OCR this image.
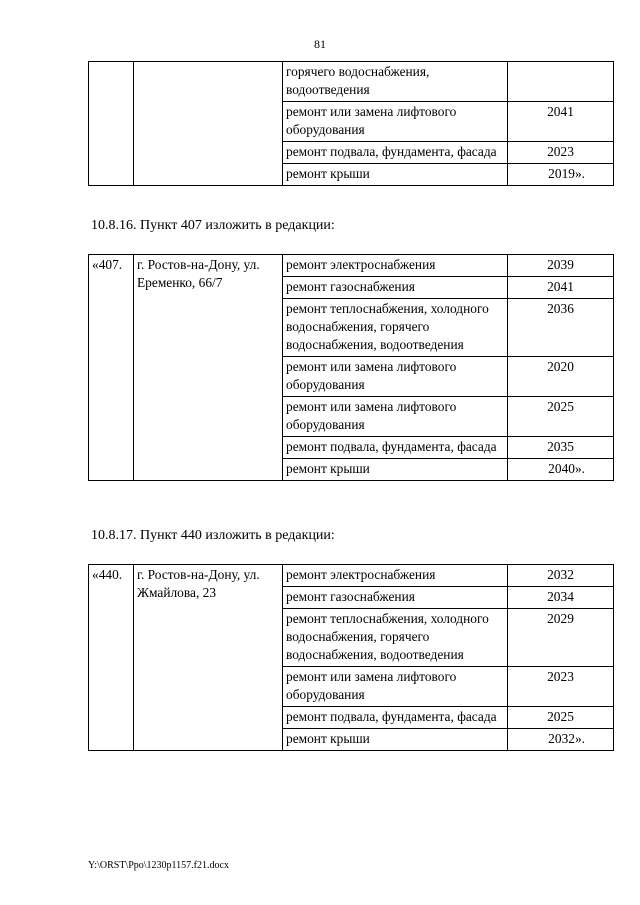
81
		горячего водоснабжения, водоотведения	
		ремонт или замена лифтового оборудования	2041
		ремонт подвала, фундамента, фасада	2023
		ремонт крыши	2019».
10.8.16. Пункт 407 изложить в редакции:
«407.	г. Ростов-на-Дону, ул. Еременко, 66/7	ремонт электроснабжения	2039
		ремонт газоснабжения	2041
		ремонт теплоснабжения, холодного водоснабжения, горячего водоснабжения, водоотведения	2036
		ремонт или замена лифтового оборудования	2020
		ремонт или замена лифтового оборудования	2025
		ремонт подвала, фундамента, фасада	2035
		ремонт крыши	2040».
10.8.17. Пункт 440 изложить в редакции:
«440.	г. Ростов-на-Дону, ул. Жмайлова, 23	ремонт электроснабжения	2032
		ремонт газоснабжения	2034
		ремонт теплоснабжения, холодного водоснабжения, горячего водоснабжения, водоотведения	2029
		ремонт или замена лифтового оборудования	2023
		ремонт подвала, фундамента, фасада	2025
		ремонт крыши	2032».
Y:\ORST\Ppo\1230p1157.f21.docx
